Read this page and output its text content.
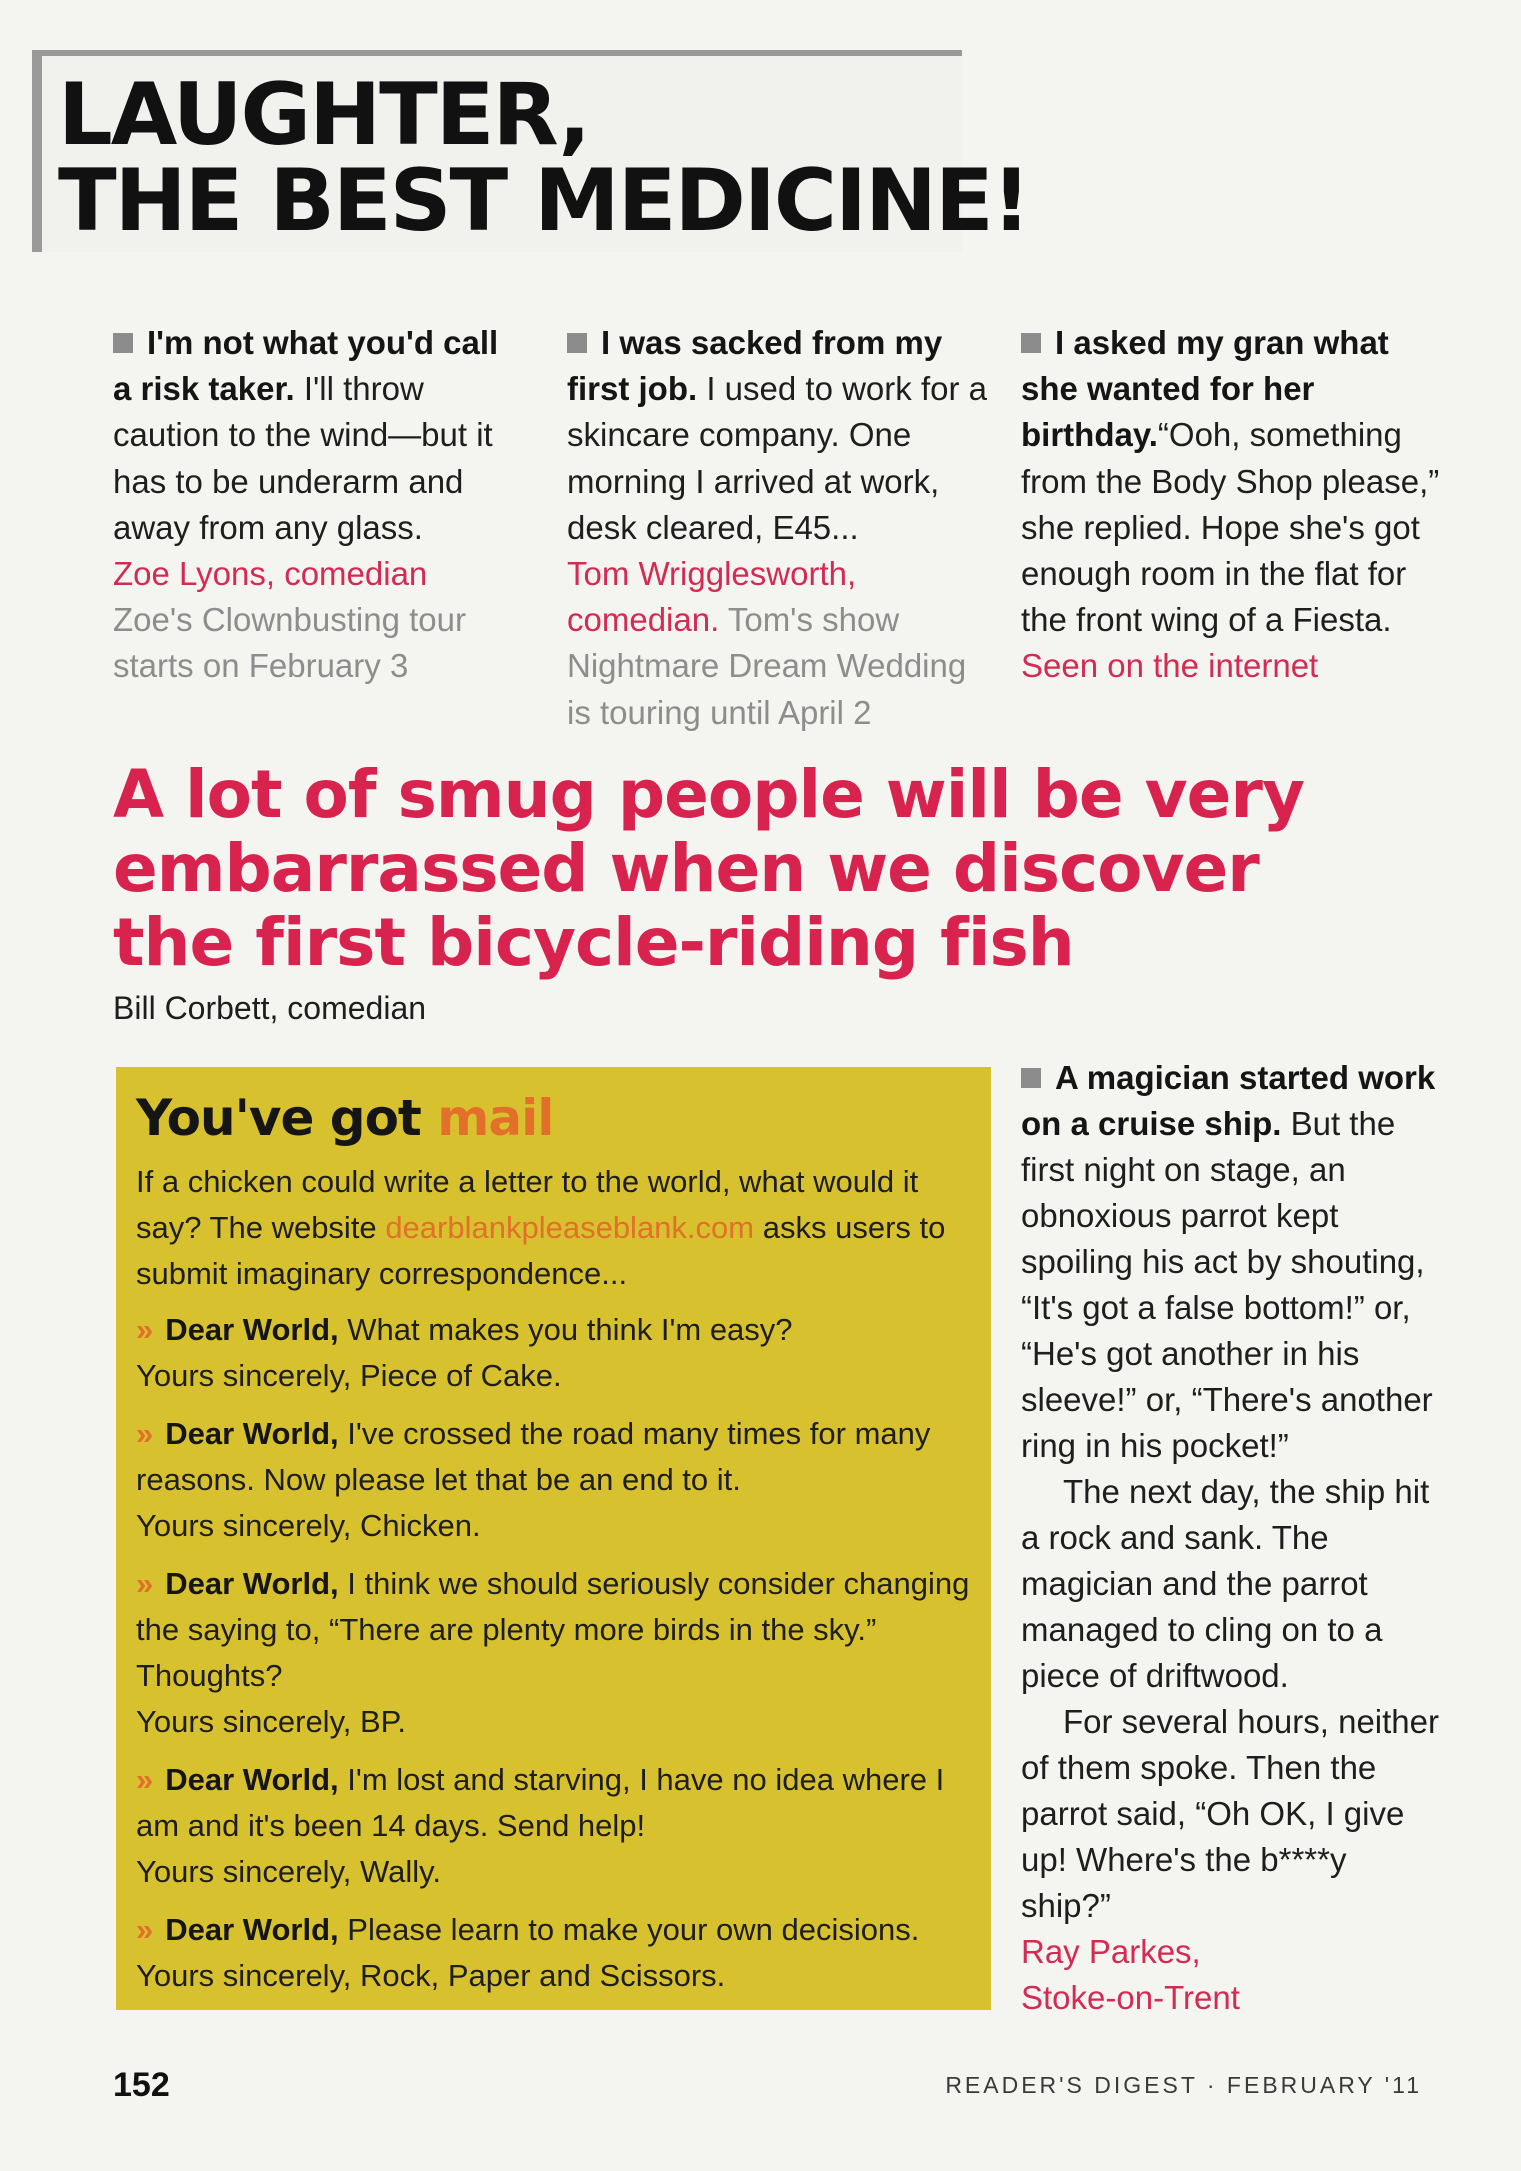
LAUGHTER,
THE BEST MEDICINE!

I'm not what you'd call a risk taker. I'll throw caution to the wind—but it has to be underarm and away from any glass.

Zoe Lyons, comedian

Zoe's Clownbusting tour starts on February 3

I was sacked from my first job. I used to work for a skincare company. One morning I arrived at work, desk cleared, E45...

Tom Wrigglesworth, comedian. Tom's show Nightmare Dream Wedding is touring until April 2

I asked my gran what she wanted for her birthday.“Ooh, something from the Body Shop please,” she replied. Hope she's got enough room in the flat for the front wing of a Fiesta.

Seen on the internet

A lot of smug people will be very embarrassed when we discover the first bicycle-riding fish
Bill Corbett, comedian
You've got mail
If a chicken could write a letter to the world, what would it say? The website dearblankpleaseblank.com asks users to submit imaginary correspondence...
» Dear World, What makes you think I'm easy?
Yours sincerely, Piece of Cake.
» Dear World, I've crossed the road many times for many reasons. Now please let that be an end to it.
Yours sincerely, Chicken.
» Dear World, I think we should seriously consider changing the saying to, “There are plenty more birds in the sky.” Thoughts?
Yours sincerely, BP.
» Dear World, I'm lost and starving, I have no idea where I am and it's been 14 days. Send help!
Yours sincerely, Wally.
» Dear World, Please learn to make your own decisions.
Yours sincerely, Rock, Paper and Scissors.

A magician started work on a cruise ship. But the first night on stage, an obnoxious parrot kept spoiling his act by shouting, “It's got a false bottom!” or, “He's got another in his sleeve!” or, “There's another ring in his pocket!”

The next day, the ship hit a rock and sank. The magician and the parrot managed to cling on to a piece of driftwood.

For several hours, neither of them spoke. Then the parrot said, “Oh OK, I give up! Where's the b****y ship?”

Ray Parkes,
Stoke-on-Trent

152	READER'S DIGEST · FEBRUARY '11
